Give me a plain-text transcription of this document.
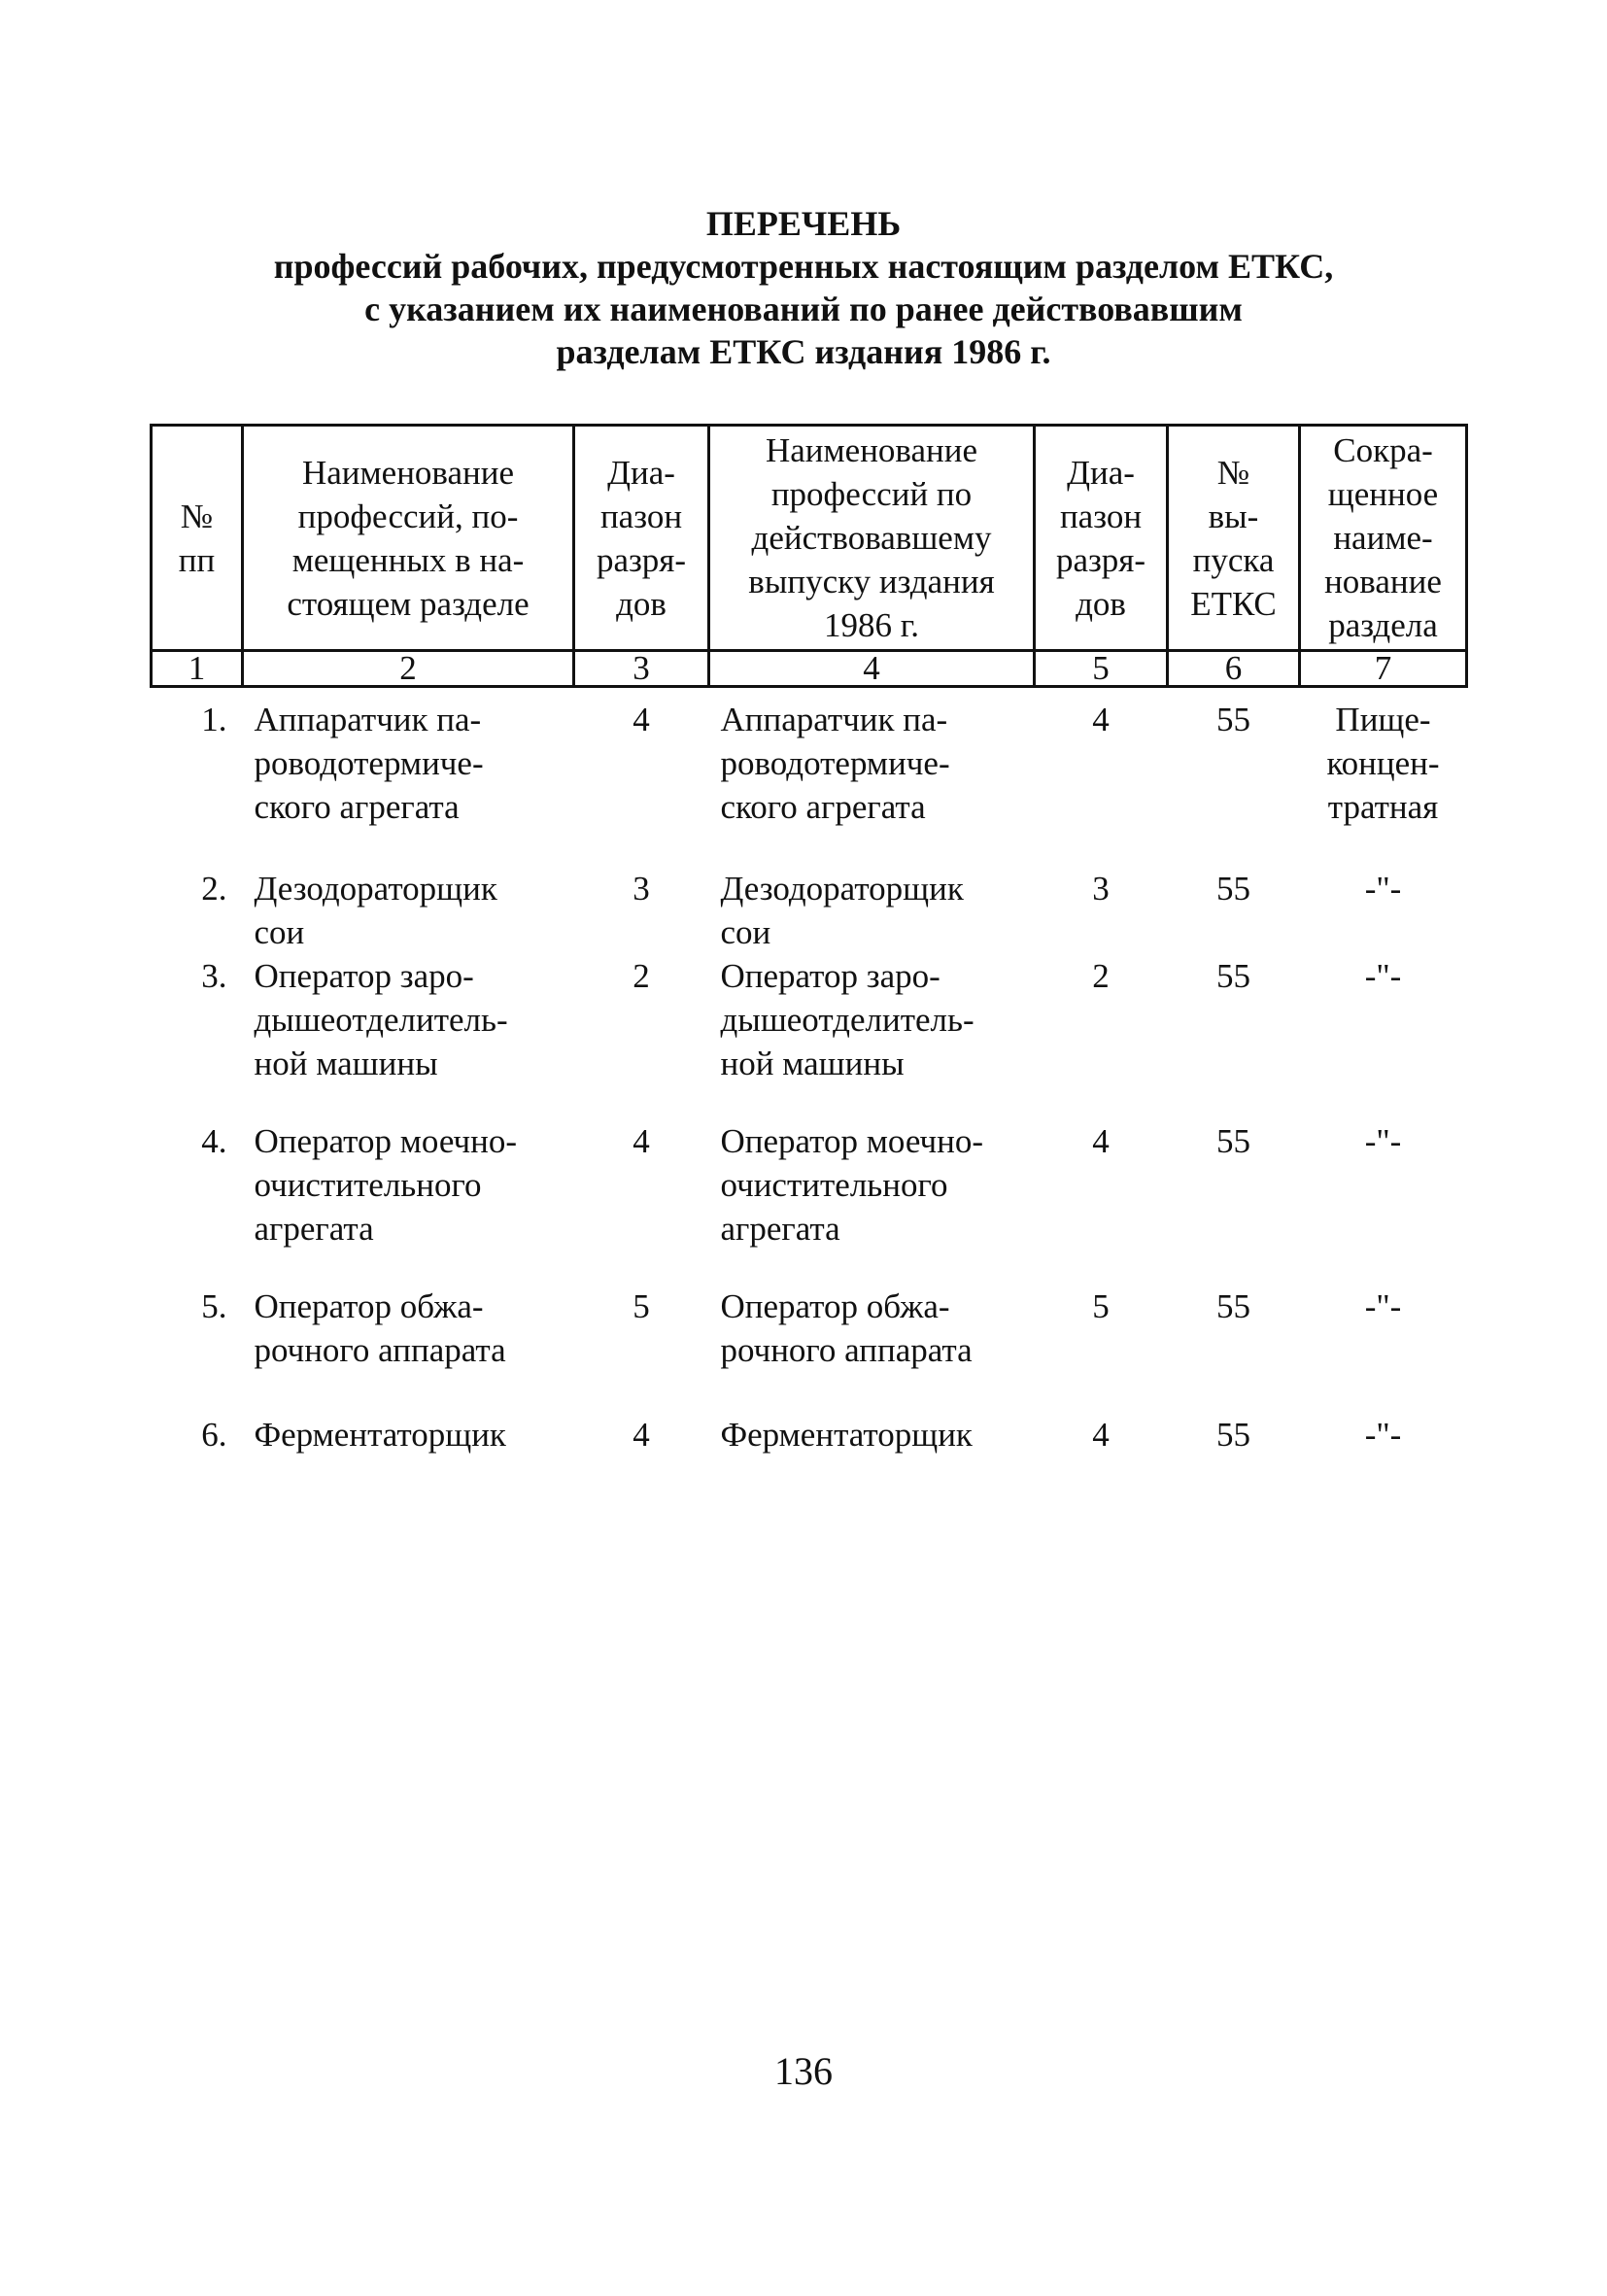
ПЕРЕЧЕНЬ
профессий рабочих, предусмотренных настоящим разделом ЕТКС,
с указанием их наименований по ранее действовавшим
разделам ЕТКС издания 1986 г.
№
пп	Наименование
профессий, по-
мещенных в на-
стоящем разделе	Диа-
пазон
разря-
дов	Наименование
профессий по
действовавшему
выпуску издания
1986 г.	Диа-
пазон
разря-
дов	№
вы-
пуска
ЕТКС	Сокра-
щенное
наиме-
нование
раздела
1	2	3	4	5	6	7
1.	Аппаратчик па-
роводотермиче-
ского агрегата	4	Аппаратчик па-
роводотермиче-
ского агрегата	4	55	Пище-
концен-
тратная
2.	Дезодораторщик
сои	3	Дезодораторщик
сои	3	55	-"-
3.	Оператор заро-
дышеотделитель-
ной машины	2	Оператор заро-
дышеотделитель-
ной машины	2	55	-"-
4.	Оператор моечно-
очистительного
агрегата	4	Оператор моечно-
очистительного
агрегата	4	55	-"-
5.	Оператор обжа-
рочного аппарата	5	Оператор обжа-
рочного аппарата	5	55	-"-
6.	Ферментаторщик	4	Ферментаторщик	4	55	-"-
136
